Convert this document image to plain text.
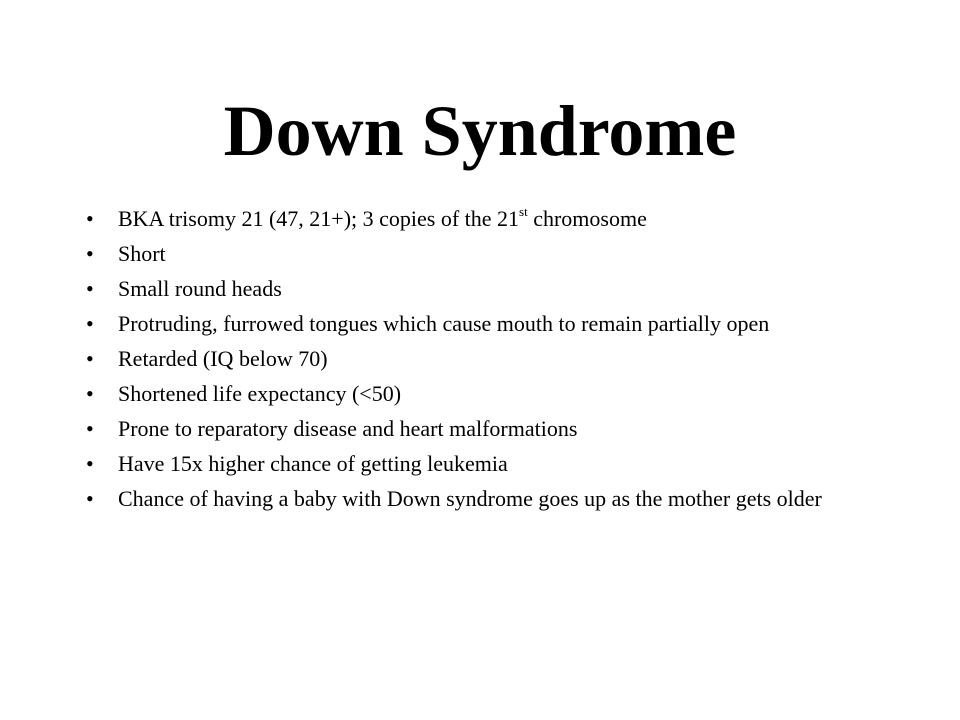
Down Syndrome
•	BKA trisomy 21 (47, 21+); 3 copies of the 21st chromosome
•	Short
•	Small round heads
•	Protruding, furrowed tongues which cause mouth to remain partially open
•	Retarded (IQ below 70)
•	Shortened life expectancy (<50)
•	Prone to reparatory disease and heart malformations
•	Have 15x higher chance of getting leukemia
•	Chance of having a baby with Down syndrome goes up as the mother gets older
